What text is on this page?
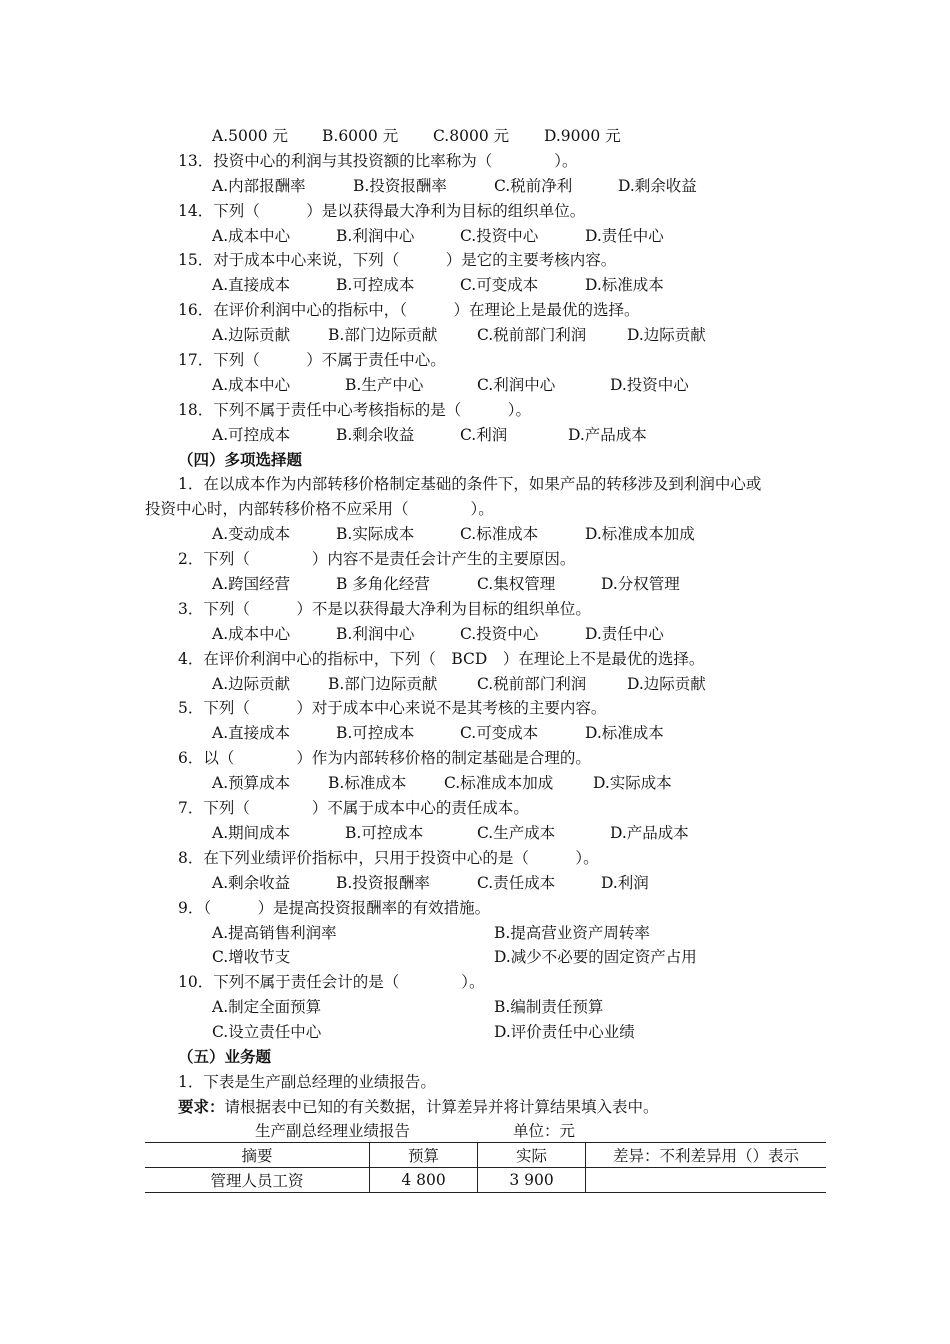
A.5000 元 B.6000 元 C.8000 元 D.9000 元
13．投资中心的利润与其投资额的比率称为（　　　　）。
A.内部报酬率	B.投资报酬率	C.税前净利	D.剩余收益
14．下列（　　　）是以获得最大净利为目标的组织单位。
A.成本中心	B.利润中心	C.投资中心	D.责任中心
15．对于成本中心来说，下列（　　　）是它的主要考核内容。
A.直接成本	B.可控成本	C.可变成本	D.标准成本
16．在评价利润中心的指标中，（　　　）在理论上是最优的选择。
A.边际贡献 B.部门边际贡献	C.税前部门利润	D.边际贡献
17．下列（　　　）不属于责任中心。
A.成本中心	B.生产中心	C.利润中心	D.投资中心
18．下列不属于责任中心考核指标的是（　　　）。
A.可控成本	B.剩余收益	C.利润	D.产品成本
（四）多项选择题
1．在以成本作为内部转移价格制定基础的条件下，如果产品的转移涉及到利润中心或
投资中心时，内部转移价格不应采用（　　　　）。
A.变动成本	B.实际成本	C.标准成本	D.标准成本加成
2．下列（　　　　）内容不是责任会计产生的主要原因。
A.跨国经营	B 多角化经营	C.集权管理	D.分权管理
3．下列（　　　）不是以获得最大净利为目标的组织单位。
A.成本中心	B.利润中心	C.投资中心	D.责任中心
4．在评价利润中心的指标中，下列（　BCD　）在理论上不是最优的选择。
A.边际贡献 B.部门边际贡献	C.税前部门利润	D.边际贡献
5．下列（　　　）对于成本中心来说不是其考核的主要内容。
A.直接成本	B.可控成本	C.可变成本	D.标准成本
6．以（　　　　）作为内部转移价格的制定基础是合理的。
A.预算成本 B.标准成本 C.标准成本加成	D.实际成本
7．下列（　　　　）不属于成本中心的责任成本。
A.期间成本	B.可控成本	C.生产成本	D.产品成本
8．在下列业绩评价指标中，只用于投资中心的是（　　　）。
A.剩余收益	B.投资报酬率	C.责任成本	D.利润
9．（　　　）是提高投资报酬率的有效措施。
A.提高销售利润率	B.提高营业资产周转率
C.增收节支	D.减少不必要的固定资产占用
10．下列不属于责任会计的是（　　　　）。
A.制定全面预算	B.编制责任预算
C.设立责任中心	D.评价责任中心业绩
（五）业务题
1．下表是生产副总经理的业绩报告。
要求：请根据表中已知的有关数据，计算差异并将计算结果填入表中。
生产副总经理业绩报告	单位：元
摘要	预算	实际	差异：不利差异用（）表示
管理人员工资	4 800	3 900	
